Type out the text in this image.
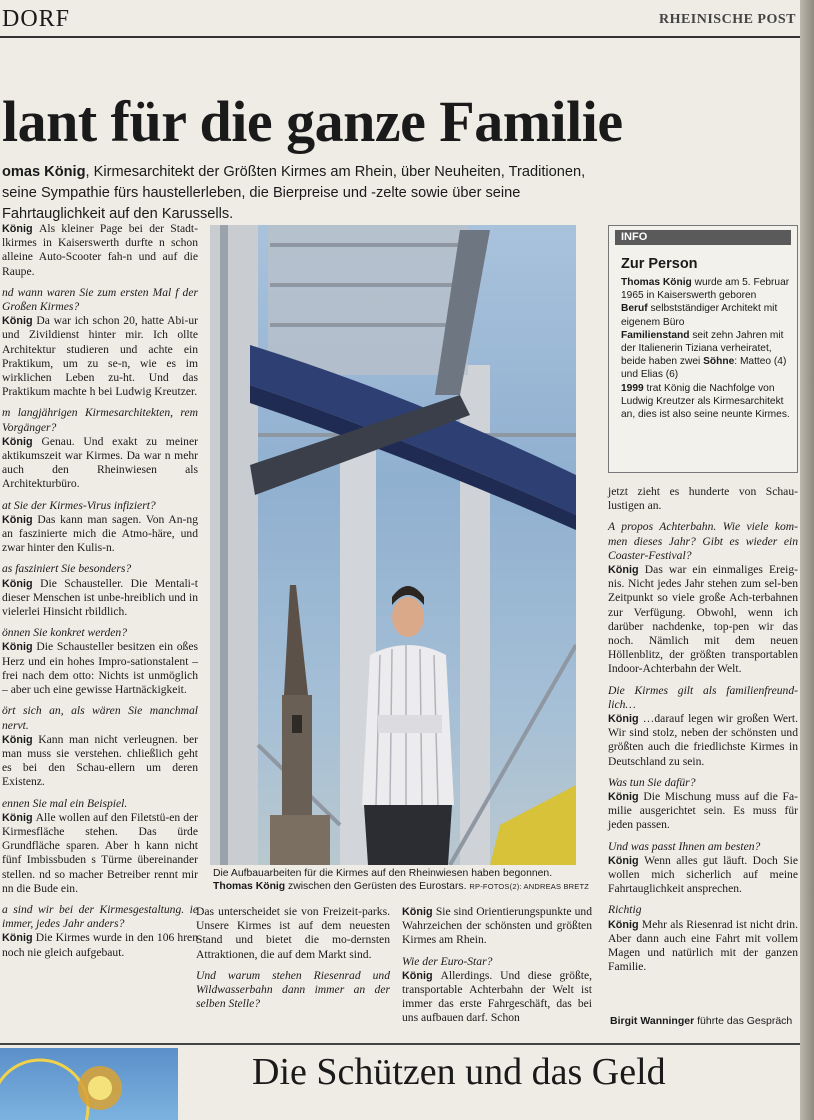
DORF	RHEINISCHE POST
lant für die ganze Familie
omas König, Kirmesarchitekt der Größten Kirmes am Rhein, über Neuheiten, Traditionen, seine Sympathie fürs haustellerleben, die Bierpreise und -zelte sowie über seine Fahrtauglichkeit auf den Karussells.
König Als kleiner Page bei der Stadt-lkirmes in Kaiserswerth durfte n schon alleine Auto-Scooter fah-n und auf die Raupe.
nd wann waren Sie zum ersten Mal f der Großen Kirmes?
König Da war ich schon 20, hatte Abi-ur und Zivildienst hinter mir. Ich ollte Architektur studieren und achte ein Praktikum, um zu se-n, wie es im wirklichen Leben zu-ht. Und das Praktikum machte h bei Ludwig Kreutzer.
m langjährigen Kirmesarchitekten, rem Vorgänger?
König Genau. Und exakt zu meiner aktikumszeit war Kirmes. Da war n mehr auch den Rheinwiesen als Architekturbüro.
at Sie der Kirmes-Virus infiziert?
König Das kann man sagen. Von An-ng an faszinierte mich die Atmo-häre, und zwar hinter den Kulis-n.
as fasziniert Sie besonders?
König Die Schausteller. Die Mentali-t dieser Menschen ist unbe-hreiblich und in vielerlei Hinsicht rbildlich.
önnen Sie konkret werden?
König Die Schausteller besitzen ein oßes Herz und ein hohes Impro-sationstalent – frei nach dem otto: Nichts ist unmöglich – aber uch eine gewisse Hartnäckigkeit.
ört sich an, als wären Sie manchmal nervt.
König Kann man nicht verleugnen. ber man muss sie verstehen. chließlich geht es bei den Schau-ellern um deren Existenz.
ennen Sie mal ein Beispiel.
König Alle wollen auf den Filetstü-en der Kirmesfläche stehen. Das ürde Grundfläche sparen. Aber h kann nicht fünf Imbissbuden s Türme übereinander stellen. nd so macher Betreiber rennt mir nn die Bude ein.
a sind wir bei der Kirmesgestaltung. ie immer, jedes Jahr anders?
König Die Kirmes wurde in den 106 hren noch nie gleich aufgebaut.
Die Aufbauarbeiten für die Kirmes auf den Rheinwiesen haben begonnen.
Thomas König zwischen den Gerüsten des Eurostars. RP-FOTOS(2): ANDREAS BRETZ
INFO
Zur Person
Thomas König wurde am 5. Februar 1965 in Kaiserswerth geboren
Beruf selbstständiger Architekt mit eigenem Büro
Familienstand seit zehn Jahren mit der Italienerin Tiziana verheiratet, beide haben zwei Söhne: Matteo (4) und Elias (6)
1999 trat König die Nachfolge von Ludwig Kreutzer als Kirmesarchitekt an, dies ist also seine neunte Kirmes.
jetzt zieht es hunderte von Schau-lustigen an.
A propos Achterbahn. Wie viele kom-men dieses Jahr? Gibt es wieder ein Coaster-Festival?
König Das war ein einmaliges Ereig-nis. Nicht jedes Jahr stehen zum sel-ben Zeitpunkt so viele große Ach-terbahnen zur Verfügung. Obwohl, wenn ich darüber nachdenke, top-pen wir das noch. Nämlich mit dem neuen Höllenblitz, der größten transportablen Indoor-Achterbahn der Welt.
Die Kirmes gilt als familienfreund-lich…
König …darauf legen wir großen Wert. Wir sind stolz, neben der schönsten und größten auch die friedlichste Kirmes in Deutschland zu sein.
Was tun Sie dafür?
König Die Mischung muss auf die Fa-milie ausgerichtet sein. Es muss für jeden passen.
Und was passt Ihnen am besten?
König Wenn alles gut läuft. Doch Sie wollen mich sicherlich auf meine Fahrtauglichkeit ansprechen.
Richtig
König Mehr als Riesenrad ist nicht drin. Aber dann auch eine Fahrt mit vollem Magen und natürlich mit der ganzen Familie.
Das unterscheidet sie von Freizeit-parks. Unsere Kirmes ist auf dem neuesten Stand und bietet die mo-dernsten Attraktionen, die auf dem Markt sind.
Und warum stehen Riesenrad und Wildwasserbahn dann immer an der selben Stelle?
König Sie sind Orientierungspunkte und Wahrzeichen der schönsten und größten Kirmes am Rhein.
Wie der Euro-Star?
König Allerdings. Und diese größte, transportable Achterbahn der Welt ist immer das erste Fahrgeschäft, das bei uns aufbauen darf. Schon	Birgit Wanninger führte das Gespräch
Die Schützen und das Geld
